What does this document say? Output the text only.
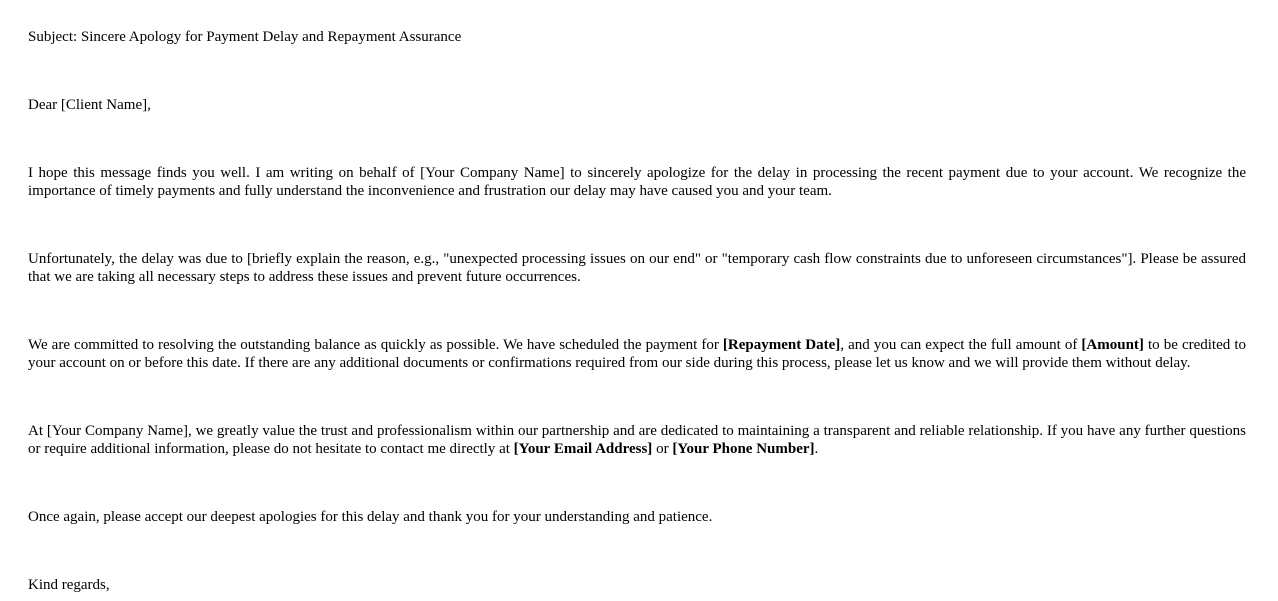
Subject: Sincere Apology for Payment Delay and Repayment Assurance

Dear [Client Name],

I hope this message finds you well. I am writing on behalf of [Your Company Name] to sincerely apologize for the delay in processing the recent payment due to your account. We recognize the importance of timely payments and fully understand the inconvenience and frustration our delay may have caused you and your team.

Unfortunately, the delay was due to [briefly explain the reason, e.g., "unexpected processing issues on our end" or "temporary cash flow constraints due to unforeseen circumstances"]. Please be assured that we are taking all necessary steps to address these issues and prevent future occurrences.

We are committed to resolving the outstanding balance as quickly as possible. We have scheduled the payment for [Repayment Date], and you can expect the full amount of [Amount] to be credited to your account on or before this date. If there are any additional documents or confirmations required from our side during this process, please let us know and we will provide them without delay.

At [Your Company Name], we greatly value the trust and professionalism within our partnership and are dedicated to maintaining a transparent and reliable relationship. If you have any further questions or require additional information, please do not hesitate to contact me directly at [Your Email Address] or [Your Phone Number].

Once again, please accept our deepest apologies for this delay and thank you for your understanding and patience.

Kind regards,
